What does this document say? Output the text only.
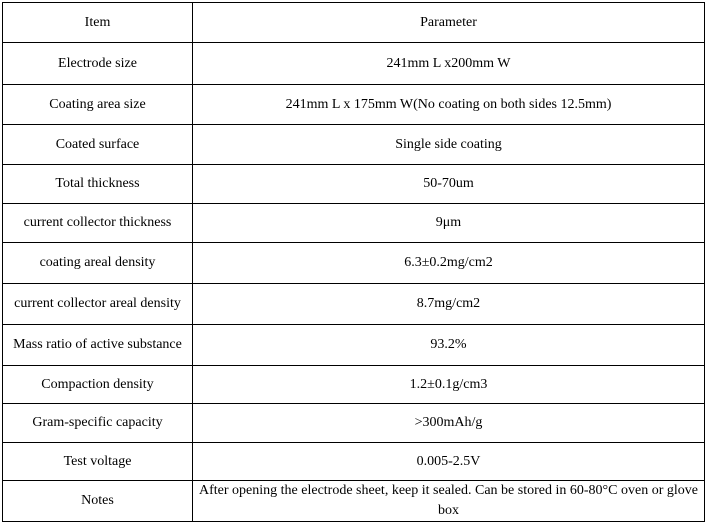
Item	Parameter
Electrode size	241mm L x200mm W
Coating area size	241mm L x 175mm W(No coating on both sides 12.5mm)
Coated surface	Single side coating
Total thickness	50-70um
current collector thickness	9μm
coating areal density	6.3±0.2mg/cm2
current collector areal density	8.7mg/cm2
Mass ratio of active substance	93.2%
Compaction density	1.2±0.1g/cm3
Gram-specific capacity	>300mAh/g
Test voltage	0.005-2.5V
Notes	After opening the electrode sheet, keep it sealed. Can be stored in 60-80°C oven or glove box
